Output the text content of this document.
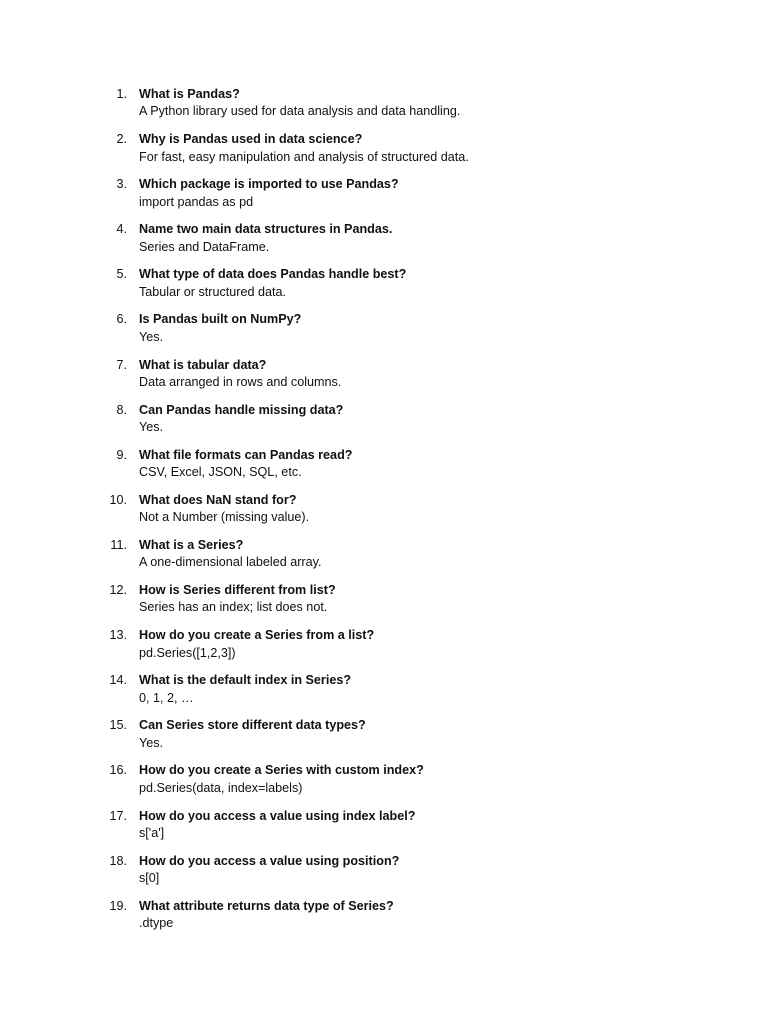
1. What is Pandas?
A Python library used for data analysis and data handling.
2. Why is Pandas used in data science?
For fast, easy manipulation and analysis of structured data.
3. Which package is imported to use Pandas?
import pandas as pd
4. Name two main data structures in Pandas.
Series and DataFrame.
5. What type of data does Pandas handle best?
Tabular or structured data.
6. Is Pandas built on NumPy?
Yes.
7. What is tabular data?
Data arranged in rows and columns.
8. Can Pandas handle missing data?
Yes.
9. What file formats can Pandas read?
CSV, Excel, JSON, SQL, etc.
10. What does NaN stand for?
Not a Number (missing value).
11. What is a Series?
A one-dimensional labeled array.
12. How is Series different from list?
Series has an index; list does not.
13. How do you create a Series from a list?
pd.Series([1,2,3])
14. What is the default index in Series?
0, 1, 2, …
15. Can Series store different data types?
Yes.
16. How do you create a Series with custom index?
pd.Series(data, index=labels)
17. How do you access a value using index label?
s['a']
18. How do you access a value using position?
s[0]
19. What attribute returns data type of Series?
.dtype
